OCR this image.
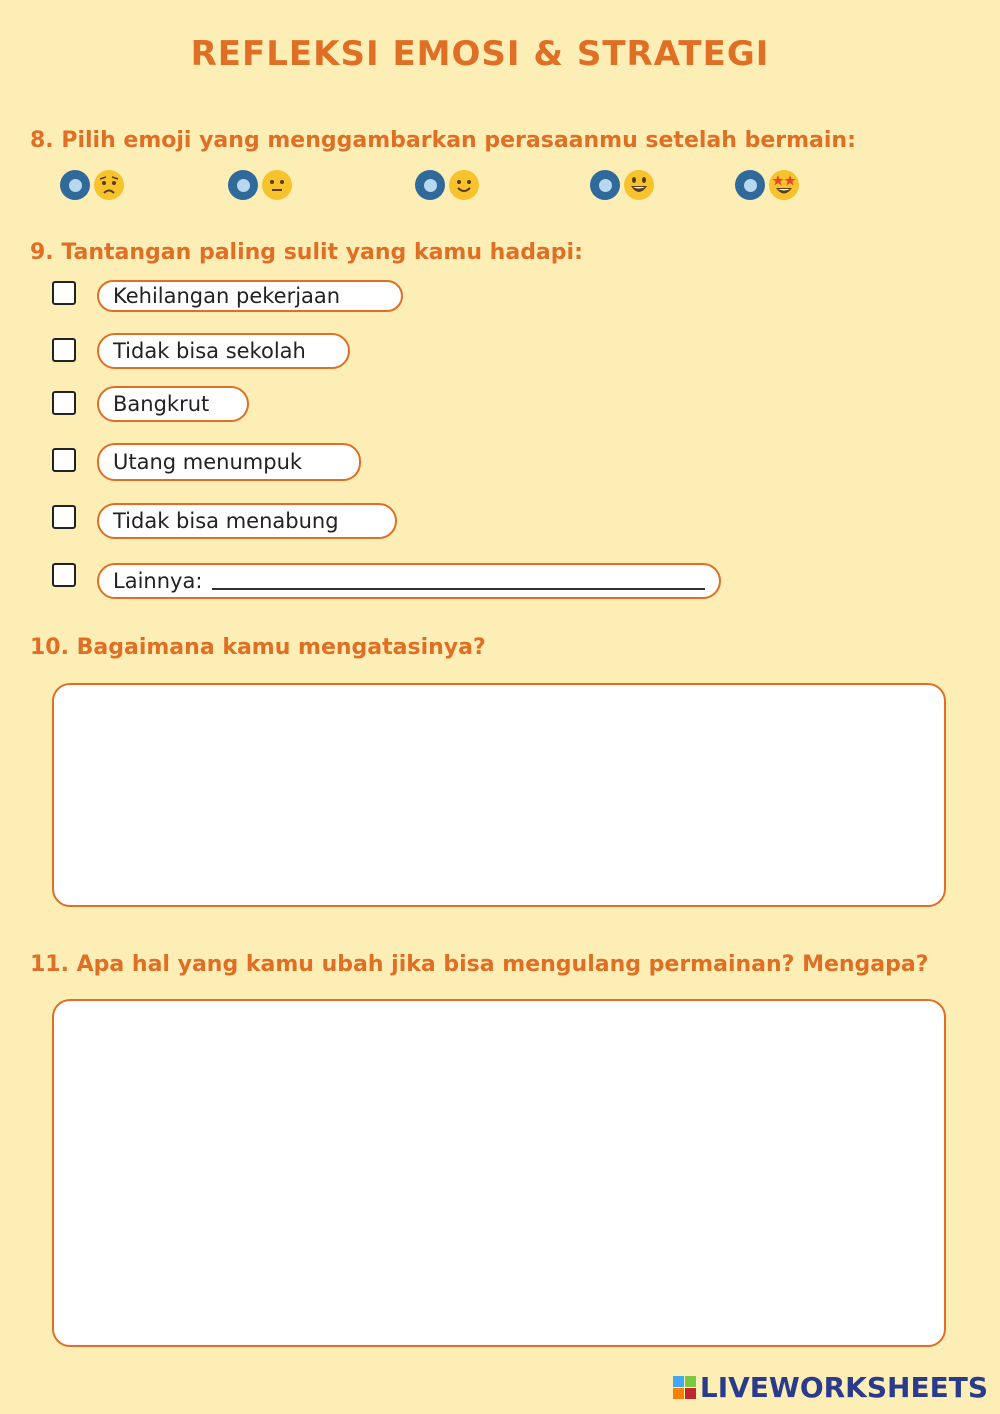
REFLEKSI EMOSI & STRATEGI
8. Pilih emoji yang menggambarkan perasaanmu setelah bermain:
9. Tantangan paling sulit yang kamu hadapi:
Kehilangan pekerjaan
Tidak bisa sekolah
Bangkrut
Utang menumpuk
Tidak bisa menabung
Lainnya:
10. Bagaimana kamu mengatasinya?
11. Apa hal yang kamu ubah jika bisa mengulang permainan? Mengapa?
LIVEWORKSHEETS
